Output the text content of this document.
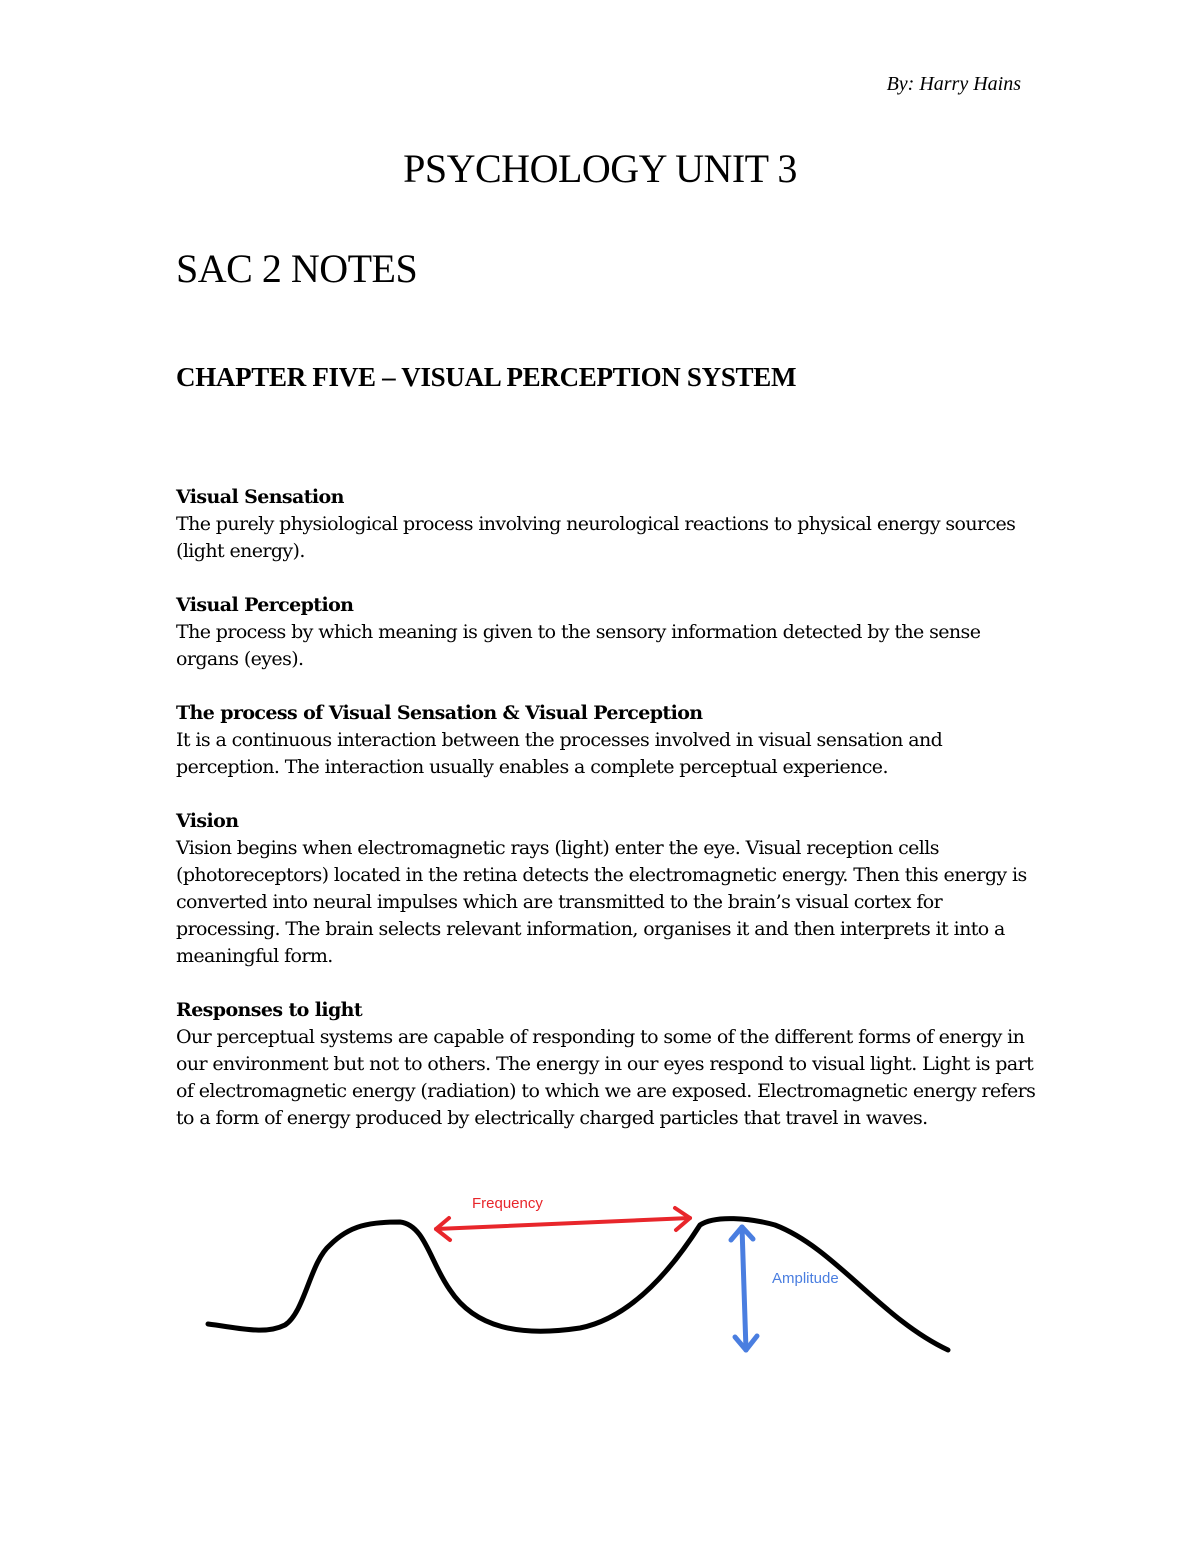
By: Harry Hains
PSYCHOLOGY UNIT 3
SAC 2 NOTES
CHAPTER FIVE – VISUAL PERCEPTION SYSTEM
Visual Sensation

The purely physiological process involving neurological reactions to physical energy sources (light energy).

Visual Perception

The process by which meaning is given to the sensory information detected by the sense organs (eyes).

The process of Visual Sensation & Visual Perception

It is a continuous interaction between the processes involved in visual sensation and perception. The interaction usually enables a complete perceptual experience.

Vision

Vision begins when electromagnetic rays (light) enter the eye. Visual reception cells (photoreceptors) located in the retina detects the electromagnetic energy. Then this energy is converted into neural impulses which are transmitted to the brain’s visual cortex for processing. The brain selects relevant information, organises it and then interprets it into a meaningful form.

Responses to light

Our perceptual systems are capable of responding to some of the different forms of energy in our environment but not to others. The energy in our eyes respond to visual light. Light is part of electromagnetic energy (radiation) to which we are exposed. Electromagnetic energy refers to a form of energy produced by electrically charged particles that travel in waves.

Frequency
Amplitude
